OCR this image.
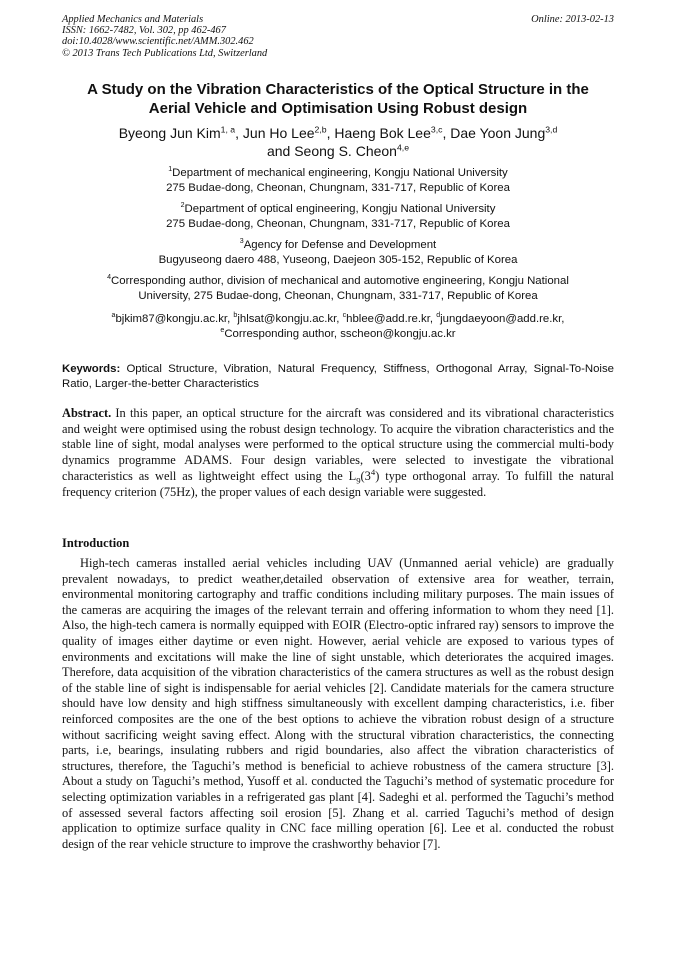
Applied Mechanics and Materials
ISSN: 1662-7482, Vol. 302, pp 462-467
doi:10.4028/www.scientific.net/AMM.302.462
© 2013 Trans Tech Publications Ltd, Switzerland
Online: 2013-02-13
A Study on the Vibration Characteristics of the Optical Structure in the
Aerial Vehicle and Optimisation Using Robust design
Byeong Jun Kim$^{1, a}$, Jun Ho Lee$^{2,b}$, Haeng Bok Lee$^{3,c}$, Dae Yoon Jung$^{3,d}$
and Seong S. Cheon$^{4,e}$
$^1$Department of mechanical engineering, Kongju National University
275 Budae-dong, Cheonan, Chungnam, 331-717, Republic of Korea
$^2$Department of optical engineering, Kongju National University
275 Budae-dong, Cheonan, Chungnam, 331-717, Republic of Korea
$^3$Agency for Defense and Development
Bugyuseong daero 488, Yuseong, Daejeon 305-152, Republic of Korea
$^4$Corresponding author, division of mechanical and automotive engineering, Kongju National
University, 275 Budae-dong, Cheonan, Chungnam, 331-717, Republic of Korea
$^a$bjkim87@kongju.ac.kr, $^b$jhlsat@kongju.ac.kr, $^c$hblee@add.re.kr, $^d$jungdaeyoon@add.re.kr,
$^e$Corresponding author, sscheon@kongju.ac.kr
Keywords: Optical Structure, Vibration, Natural Frequency, Stiffness, Orthogonal Array, Signal-To-Noise Ratio, Larger-the-better Characteristics
Abstract. In this paper, an optical structure for the aircraft was considered and its vibrational characteristics and weight were optimised using the robust design technology. To acquire the vibration characteristics and the stable line of sight, modal analyses were performed to the optical structure using the commercial multi-body dynamics programme ADAMS. Four design variables, were selected to investigate the vibrational characteristics as well as lightweight effect using the $L_9(3^4)$ type orthogonal array. To fulfill the natural frequency criterion (75Hz), the proper values of each design variable were suggested.
Introduction

High-tech cameras installed aerial vehicles including UAV (Unmanned aerial vehicle) are gradually prevalent nowadays, to predict weather,detailed observation of extensive area for weather, terrain, environmental monitoring cartography and traffic conditions including military purposes. The main issues of the cameras are acquiring the images of the relevant terrain and offering information to whom they need [1]. Also, the high-tech camera is normally equipped with EOIR (Electro-optic infrared ray) sensors to improve the quality of images either daytime or even night. However, aerial vehicle are exposed to various types of environments and excitations will make the line of sight unstable, which deteriorates the acquired images. Therefore, data acquisition of the vibration characteristics of the camera structures as well as the robust design of the stable line of sight is indispensable for aerial vehicles [2]. Candidate materials for the camera structure should have low density and high stiffness simultaneously with excellent damping characteristics, i.e. fiber reinforced composites are the one of the best options to achieve the vibration robust design of a structure without sacrificing weight saving effect. Along with the structural vibration characteristics, the connecting parts, i.e, bearings, insulating rubbers and rigid boundaries, also affect the vibration characteristics of structures, therefore, the Taguchi’s method is beneficial to achieve robustness of the camera structure [3]. About a study on Taguchi’s method, Yusoff et al. conducted the Taguchi’s method of systematic procedure for selecting optimization variables in a refrigerated gas plant [4]. Sadeghi et al. performed the Taguchi’s method of assessed several factors affecting soil erosion [5]. Zhang et al. carried Taguchi’s method of design application to optimize surface quality in CNC face milling operation [6]. Lee et al. conducted the robust design of the rear vehicle structure to improve the crashworthy behavior [7].
